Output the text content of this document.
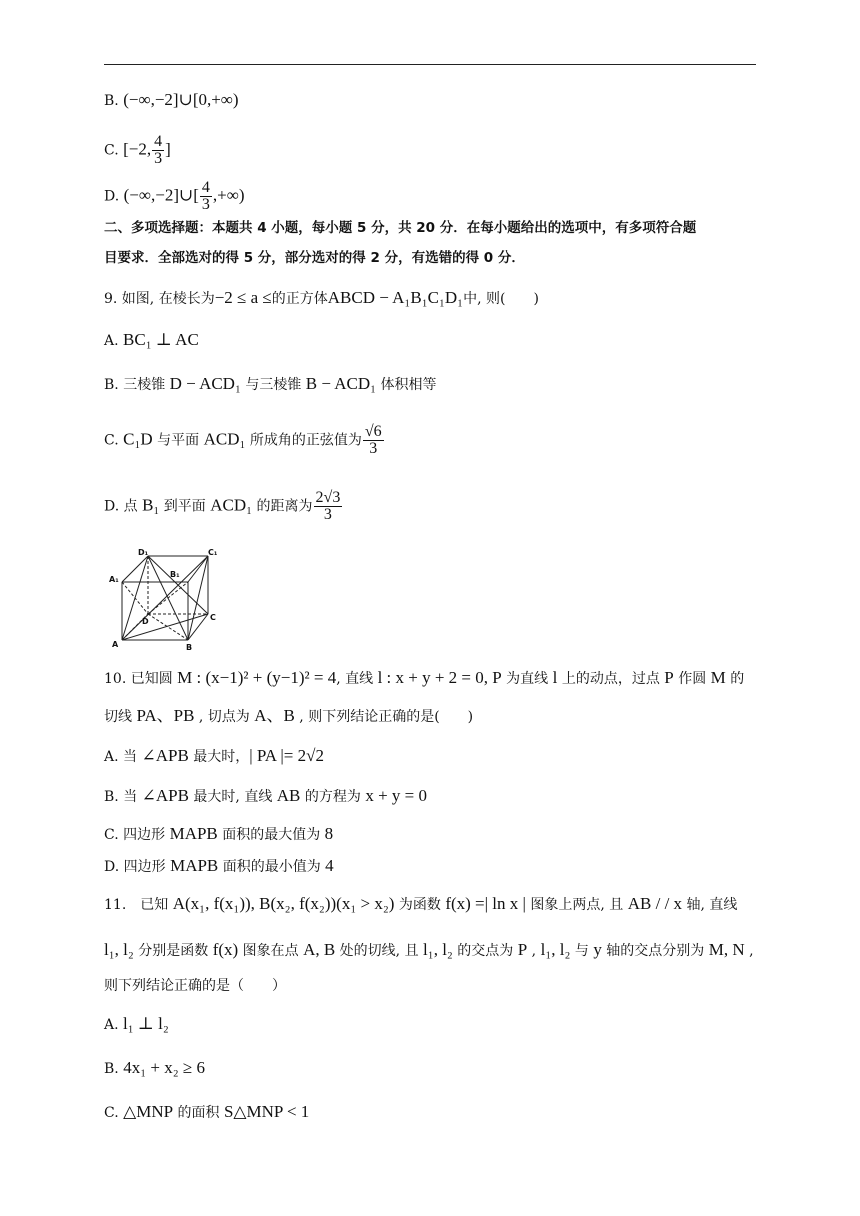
B. (−∞,−2]∪[0,+∞)
C. [−2, $\frac{4}{3}$ ]
D. (−∞,−2]∪[ $\frac{4}{3}$ ,+∞)
二、多项选择题：本题共 4 小题，每小题 5 分，共 20 分．在每小题给出的选项中，有多项符合题
目要求．全部选对的得 5 分，部分选对的得 2 分，有选错的得 0 分．
9. 如图, 在棱长为−2 ≤ a ≤的正方体ABCD − A₁B₁C₁D₁中, 则(　　)
A. BC₁ ⊥ AC
B. 三棱锥 D − ACD₁ 与三棱锥 B − ACD₁ 体积相等
C. C₁D 与平面 ACD₁ 所成角的正弦值为 $\frac{√6}{3}$
D. 点 B₁ 到平面 ACD₁ 的距离为 $\frac{2√3}{3}$
D₁	C₁
A₁
B₁
D	C
A	B
10. 已知圆 M : (x−1)² + (y−1)² = 4, 直线 l : x + y + 2 = 0, P 为直线 l 上的动点，过点 P 作圆 M 的
切线 PA、PB , 切点为 A、B , 则下列结论正确的是(　　)
A. 当 ∠APB 最大时，| PA |= 2√2
B. 当 ∠APB 最大时, 直线 AB 的方程为 x + y = 0
C. 四边形 MAPB 面积的最大值为 8
D. 四边形 MAPB 面积的最小值为 4
11.　已知 A(x₁, f(x₁)), B(x₂, f(x₂))(x₁ > x₂) 为函数 f(x) =| ln x | 图象上两点, 且 AB / / x 轴, 直线
l₁, l₂ 分别是函数 f(x) 图象在点 A, B 处的切线, 且 l₁, l₂ 的交点为 P , l₁, l₂ 与 y 轴的交点分别为 M, N ,
则下列结论正确的是（　　）
A. l₁ ⊥ l₂
B. 4x₁ + x₂ ≥ 6
C. △MNP 的面积 S△MNP < 1
